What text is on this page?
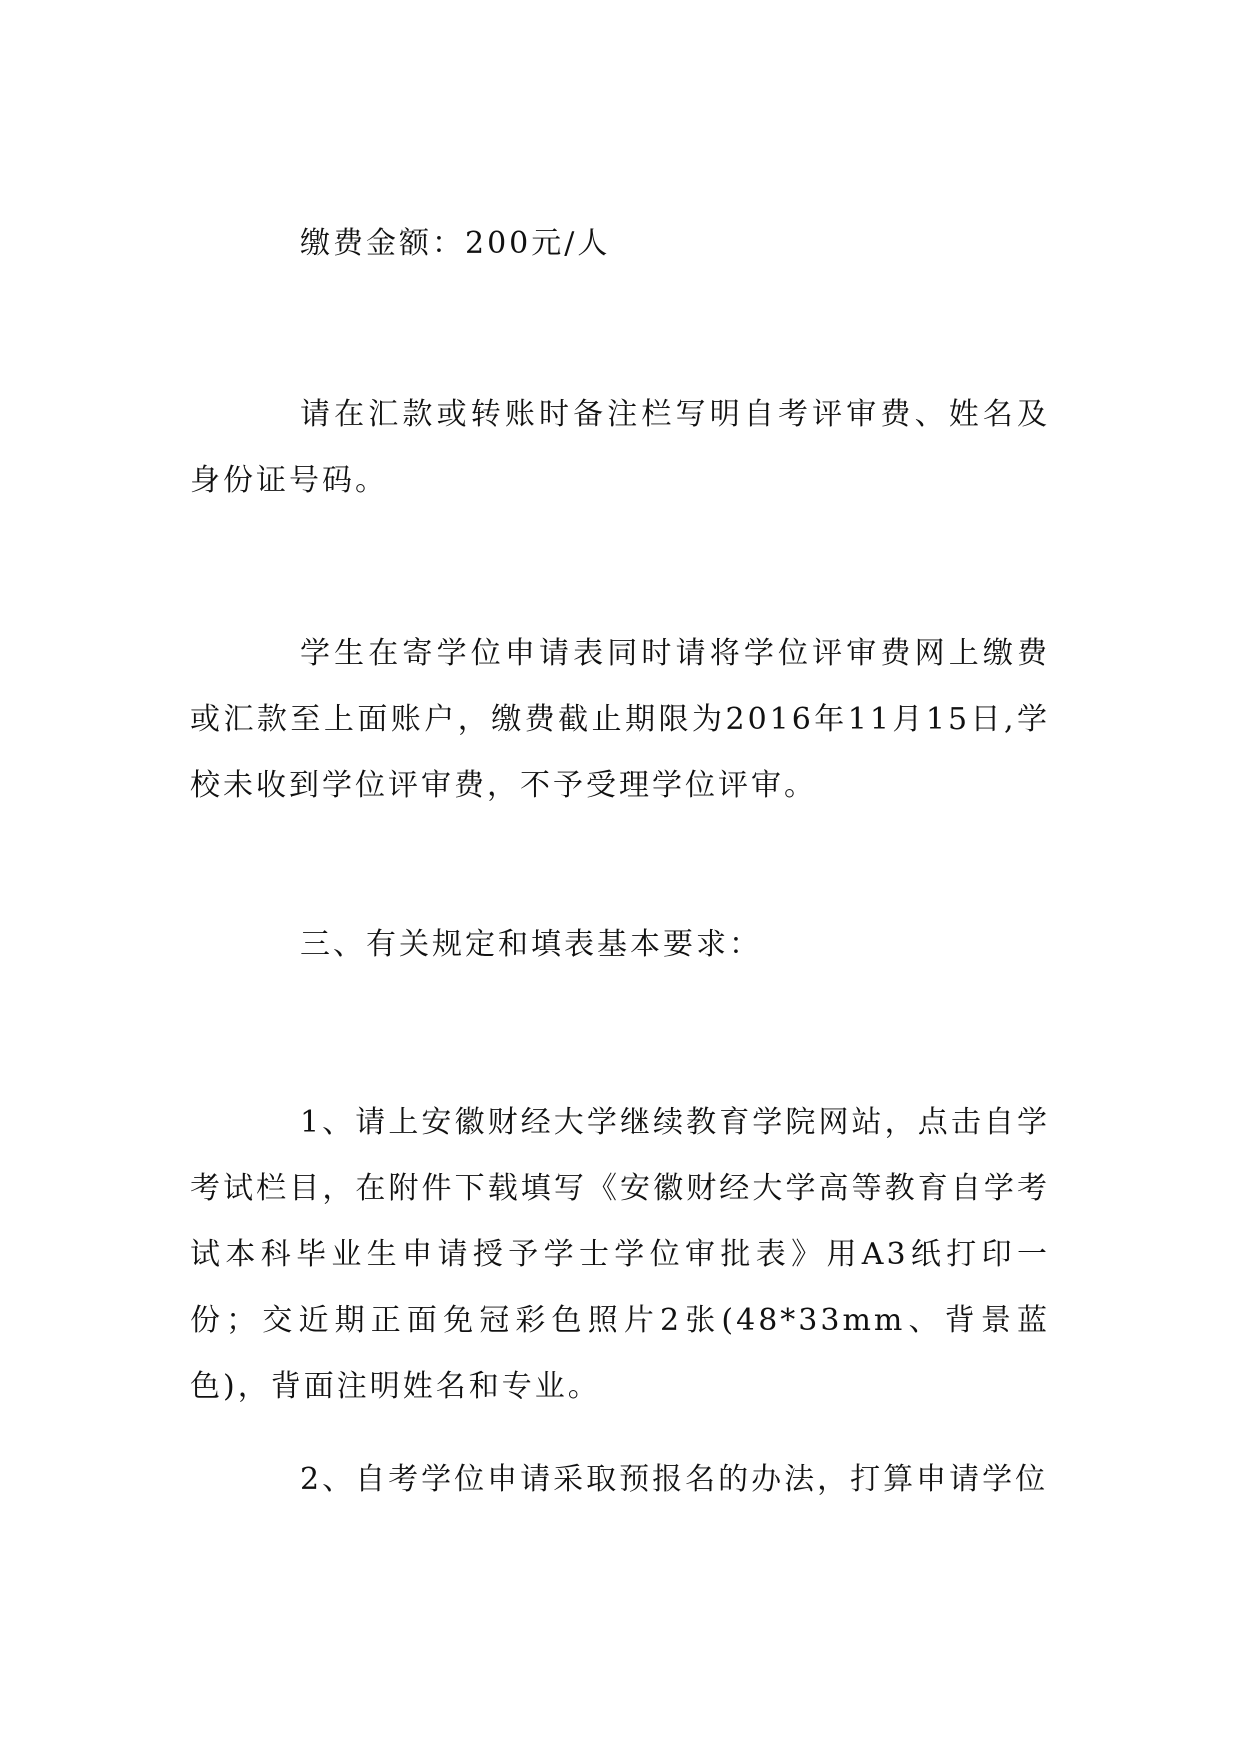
缴费金额：200元/人

请在汇款或转账时备注栏写明自考评审费、姓名及身份证号码。

学生在寄学位申请表同时请将学位评审费网上缴费或汇款至上面账户，缴费截止期限为2016年11月15日,学校未收到学位评审费，不予受理学位评审。

三、有关规定和填表基本要求：

1、请上安徽财经大学继续教育学院网站，点击自学考试栏目，在附件下载填写《安徽财经大学高等教育自学考试本科毕业生申请授予学士学位审批表》用A3纸打印一份；交近期正面免冠彩色照片2张(48*33mm、背景蓝色)，背面注明姓名和专业。

2、自考学位申请采取预报名的办法，打算申请学位
